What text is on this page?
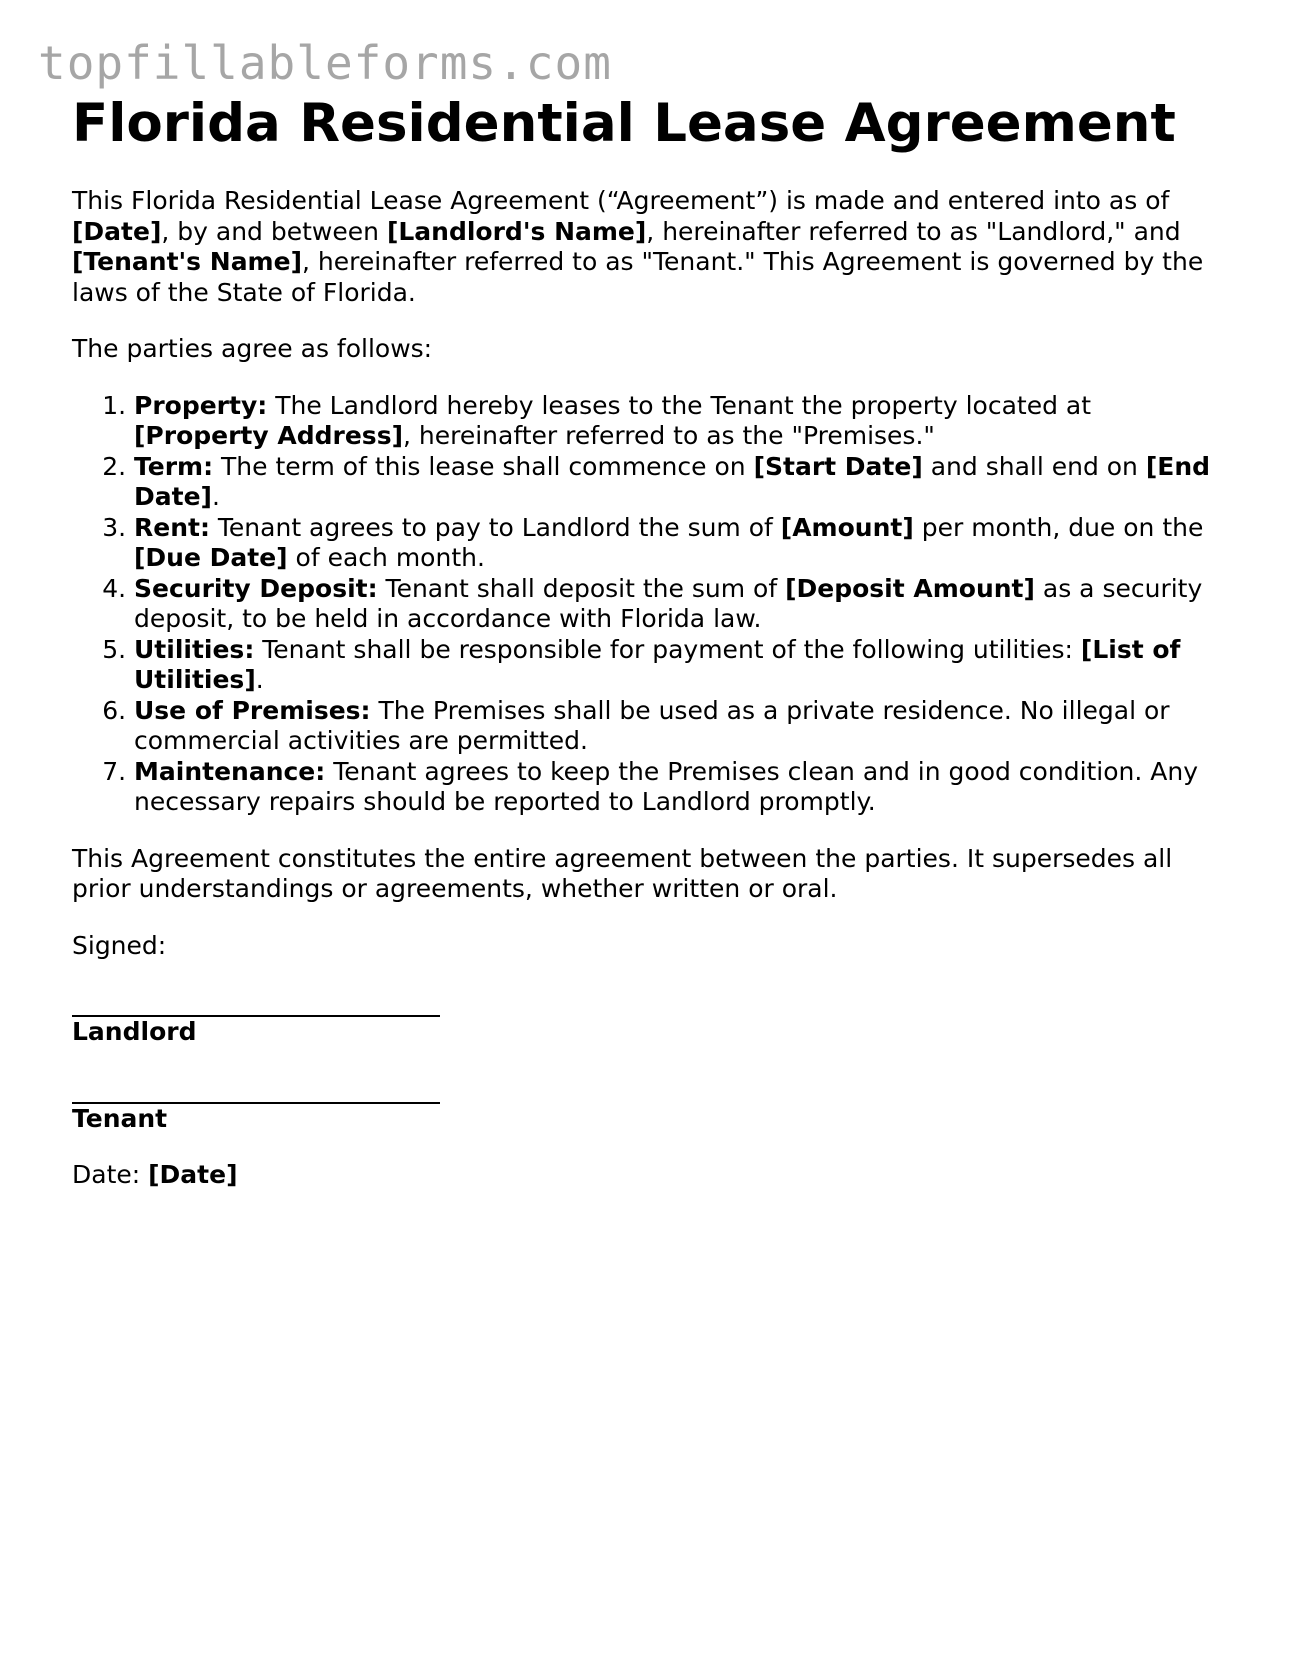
topfillableforms.com
Florida Residential Lease Agreement

This Florida Residential Lease Agreement (“Agreement”) is made and entered into as of [Date], by and between [Landlord's Name], hereinafter referred to as "Landlord," and [Tenant's Name], hereinafter referred to as "Tenant." This Agreement is governed by the laws of the State of Florida.

The parties agree as follows:

1. Property: The Landlord hereby leases to the Tenant the property located at [Property Address], hereinafter referred to as the "Premises."
2. Term: The term of this lease shall commence on [Start Date] and shall end on [End Date].
3. Rent: Tenant agrees to pay to Landlord the sum of [Amount] per month, due on the [Due Date] of each month.
4. Security Deposit: Tenant shall deposit the sum of [Deposit Amount] as a security deposit, to be held in accordance with Florida law.
5. Utilities: Tenant shall be responsible for payment of the following utilities: [List of Utilities].
6. Use of Premises: The Premises shall be used as a private residence. No illegal or commercial activities are permitted.
7. Maintenance: Tenant agrees to keep the Premises clean and in good condition. Any necessary repairs should be reported to Landlord promptly.

This Agreement constitutes the entire agreement between the parties. It supersedes all prior understandings or agreements, whether written or oral.

Signed:

Landlord
Tenant

Date: [Date]
